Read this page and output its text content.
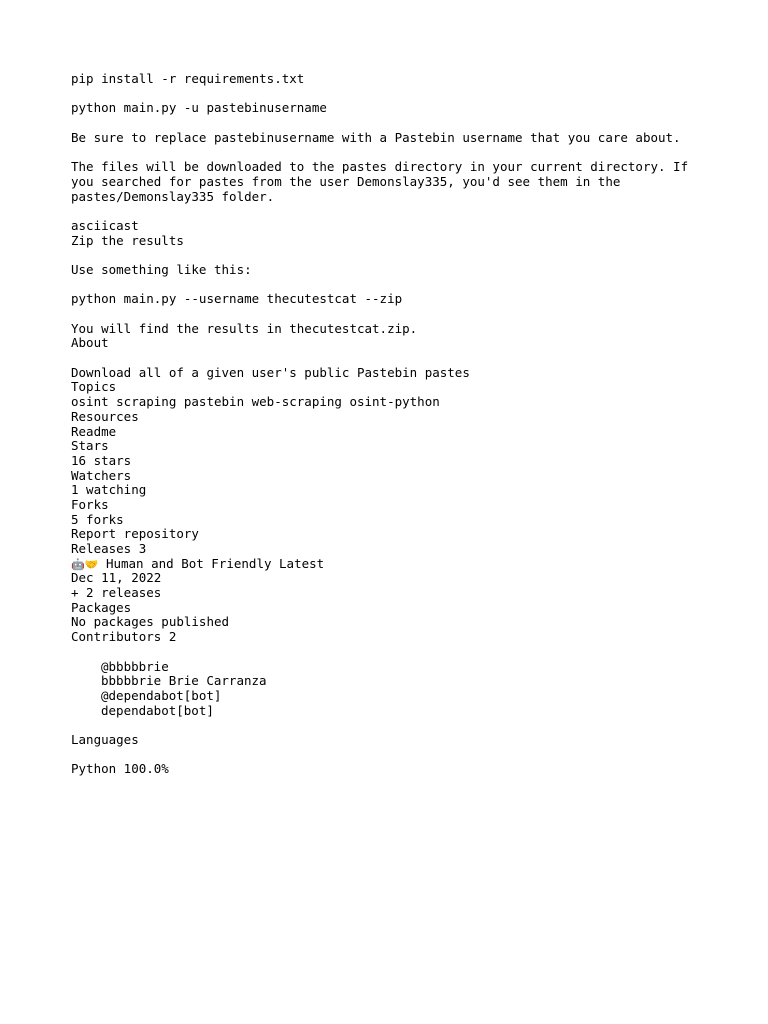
pip install -r requirements.txt
python main.py -u pastebinusername
Be sure to replace pastebinusername with a Pastebin username that you care about.
The files will be downloaded to the pastes directory in your current directory. If you searched for pastes from the user Demonslay335, you'd see them in the pastes/Demonslay335 folder.
asciicast
Zip the results
Use something like this:
python main.py --username thecutestcat --zip
You will find the results in thecutestcat.zip.
About
Download all of a given user's public Pastebin pastes
Topics
osint scraping pastebin web-scraping osint-python
Resources
Readme
Stars
16 stars
Watchers
1 watching
Forks
5 forks
Report repository
Releases 3
🤖🤝 Human and Bot Friendly Latest
Dec 11, 2022
+ 2 releases
Packages
No packages published
Contributors 2
@bbbbbrie
bbbbbrie Brie Carranza
@dependabot[bot]
dependabot[bot]
Languages
Python 100.0%
